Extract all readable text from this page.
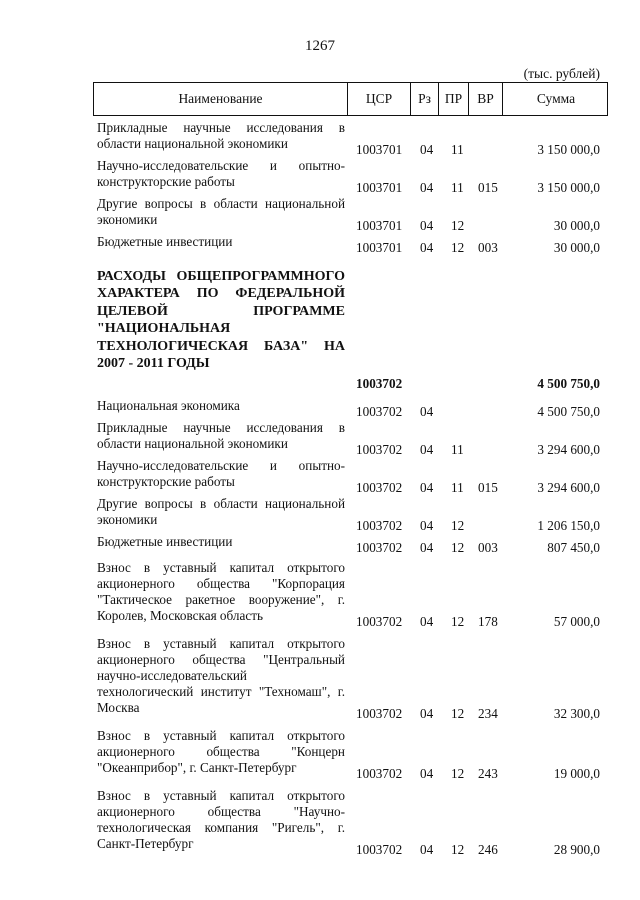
1267
(тыс. рублей)
Наименование	ЦСР	Рз	ПР	ВР	Сумма
Прикладные научные исследования в области национальной экономики	1003701 04 11	3 150 000,0
Научно-исследовательские и опытно-конструкторские работы	1003701 04 11 015	3 150 000,0
Другие вопросы в области национальной экономики	1003701 04 12	30 000,0
Бюджетные инвестиции	1003701 04 12 003	30 000,0
РАСХОДЫ ОБЩЕПРОГРАММНОГО ХАРАКТЕРА ПО ФЕДЕРАЛЬНОЙ ЦЕЛЕВОЙ ПРОГРАММЕ "НАЦИОНАЛЬНАЯ ТЕХНОЛОГИЧЕСКАЯ БАЗА" НА 2007 - 2011 ГОДЫ
1003702	4 500 750,0
Национальная экономика	1003702 04	4 500 750,0
Прикладные научные исследования в области национальной экономики	1003702 04 11	3 294 600,0
Научно-исследовательские и опытно-конструкторские работы	1003702 04 11 015	3 294 600,0
Другие вопросы в области национальной экономики	1003702 04 12	1 206 150,0
Бюджетные инвестиции	1003702 04 12 003	807 450,0
Взнос в уставный капитал открытого акционерного общества "Корпорация "Тактическое ракетное вооружение", г. Королев, Московская область	1003702 04 12 178	57 000,0
Взнос в уставный капитал открытого акционерного общества "Центральный научно-исследовательский технологический институт "Техномаш", г. Москва	1003702 04 12 234	32 300,0
Взнос в уставный капитал открытого акционерного общества "Концерн "Океанприбор", г. Санкт-Петербург	1003702 04 12 243	19 000,0
Взнос в уставный капитал открытого акционерного общества "Научно-технологическая компания "Ригель", г. Санкт-Петербург	1003702 04 12 246	28 900,0
